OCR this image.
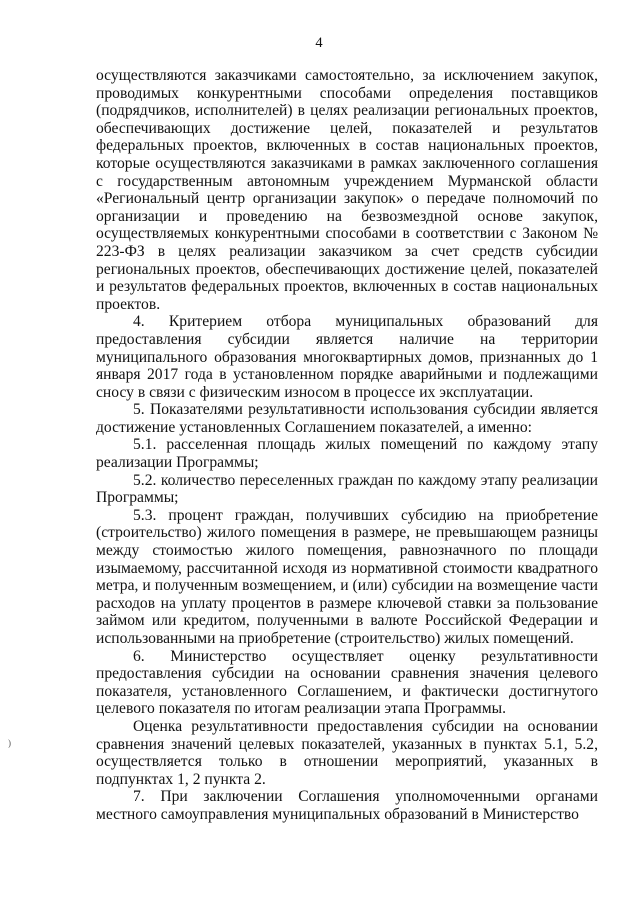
4

осуществляются заказчиками самостоятельно, за исключением закупок, проводимых конкурентными способами определения поставщиков (подрядчиков, исполнителей) в целях реализации региональных проектов, обеспечивающих достижение целей, показателей и результатов федеральных проектов, включенных в состав национальных проектов, которые осуществляются заказчиками в рамках заключенного соглашения с государственным автономным учреждением Мурманской области «Региональный центр организации закупок» о передаче полномочий по организации и проведению на безвозмездной основе закупок, осуществляемых конкурентными способами в соответствии с Законом № 223-ФЗ в целях реализации заказчиком за счет средств субсидии региональных проектов, обеспечивающих достижение целей, показателей и результатов федеральных проектов, включенных в состав национальных проектов.

4. Критерием отбора муниципальных образований для предоставления субсидии является наличие на территории муниципального образования многоквартирных домов, признанных до 1 января 2017 года в установленном порядке аварийными и подлежащими сносу в связи с физическим износом в процессе их эксплуатации.

5. Показателями результативности использования субсидии является достижение установленных Соглашением показателей, а именно:

5.1. расселенная площадь жилых помещений по каждому этапу реализации Программы;

5.2. количество переселенных граждан по каждому этапу реализации Программы;

5.3. процент граждан, получивших субсидию на приобретение (строительство) жилого помещения в размере, не превышающем разницы между стоимостью жилого помещения, равнозначного по площади изымаемому, рассчитанной исходя из нормативной стоимости квадратного метра, и полученным возмещением, и (или) субсидии на возмещение части расходов на уплату процентов в размере ключевой ставки за пользование займом или кредитом, полученными в валюте Российской Федерации и использованными на приобретение (строительство) жилых помещений.

6. Министерство осуществляет оценку результативности предоставления субсидии на основании сравнения значения целевого показателя, установленного Соглашением, и фактически достигнутого целевого показателя по итогам реализации этапа Программы.

Оценка результативности предоставления субсидии на основании сравнения значений целевых показателей, указанных в пунктах 5.1, 5.2, осуществляется только в отношении мероприятий, указанных в подпунктах 1, 2 пункта 2.

7. При заключении Соглашения уполномоченными органами местного самоуправления муниципальных образований в Министерство

)
